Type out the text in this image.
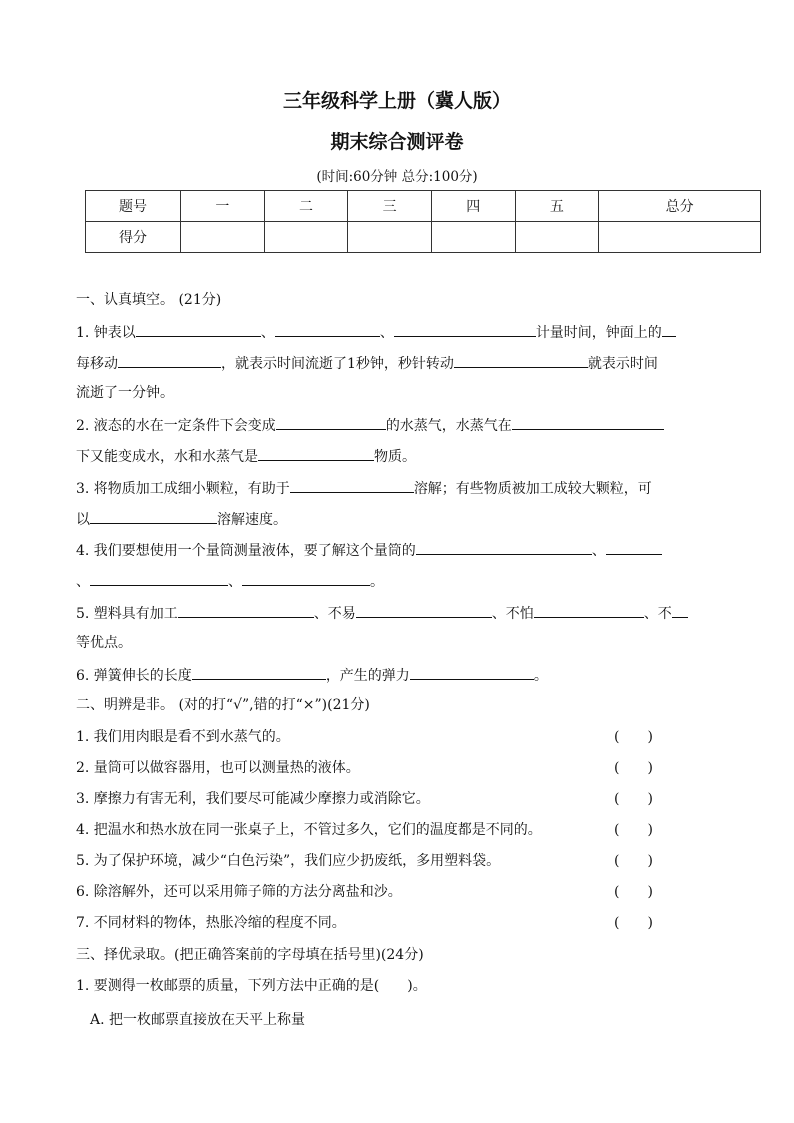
三年级科学上册（冀人版）
期末综合测评卷
(时间:60分钟 总分:100分)
题号	一	二	三	四	五	总分
得分						
一、认真填空。 (21分)
1. 钟表以	、	、	计量时间，钟面上的
每移动	，就表示时间流逝了1秒钟，秒针转动	就表示时间
流逝了一分钟。
2. 液态的水在一定条件下会变成	的水蒸气，水蒸气在
下又能变成水，水和水蒸气是	物质。
3. 将物质加工成细小颗粒，有助于	溶解；有些物质被加工成较大颗粒，可
以	溶解速度。
4. 我们要想使用一个量筒测量液体，要了解这个量筒的	、
、	、	。
5. 塑料具有加工	、不易	、不怕	、不
等优点。
6. 弹簧伸长的长度	，产生的弹力	。
二、明辨是非。 (对的打“√”,错的打“×”)(21分)
1. 我们用肉眼是看不到水蒸气的。	(　　)
2. 量筒可以做容器用，也可以测量热的液体。	(　　)
3. 摩擦力有害无利，我们要尽可能减少摩擦力或消除它。	(　　)
4. 把温水和热水放在同一张桌子上，不管过多久，它们的温度都是不同的。	(　　)
5. 为了保护环境，减少“白色污染”，我们应少扔废纸，多用塑料袋。	(　　)
6. 除溶解外，还可以采用筛子筛的方法分离盐和沙。	(　　)
7. 不同材料的物体，热胀冷缩的程度不同。	(　　)
三、择优录取。(把正确答案前的字母填在括号里)(24分)
1. 要测得一枚邮票的质量，下列方法中正确的是(　　)。
A. 把一枚邮票直接放在天平上称量
